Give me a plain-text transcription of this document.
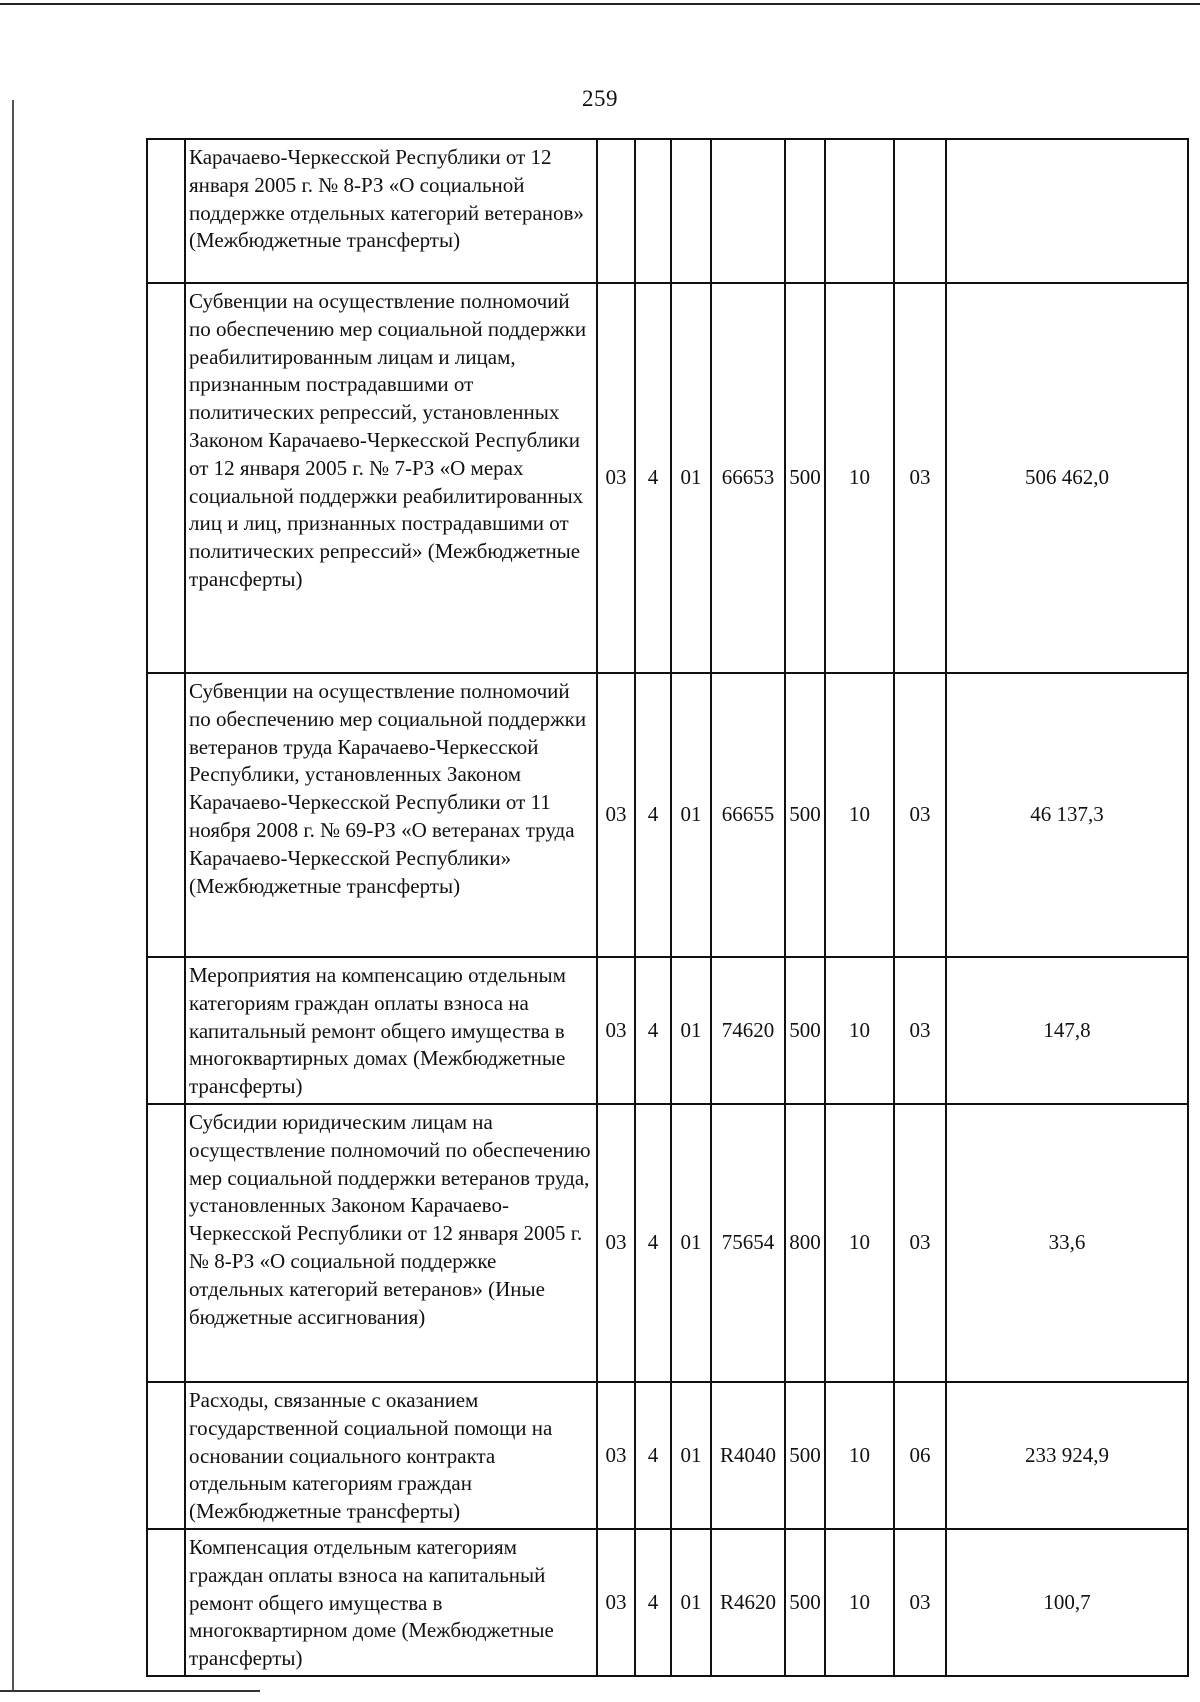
259
	Карачаево-Черкесской Республики от 12 января 2005 г. № 8-РЗ «О социальной поддержке отдельных категорий ветеранов» (Межбюджетные трансферты)								
	Субвенции на осуществление полномочий по обеспечению мер социальной поддержки реабилитированным лицам и лицам, признанным пострадавшими от политических репрессий, установленных Законом Карачаево-Черкесской Республики от 12 января 2005 г. № 7-РЗ «О мерах социальной поддержки реабилитированных лиц и лиц, признанных пострадавшими от политических репрессий» (Межбюджетные трансферты)	03	4	01	66653	500	10	03	506 462,0
	Субвенции на осуществление полномочий по обеспечению мер социальной поддержки ветеранов труда Карачаево-Черкесской Республики, установленных Законом Карачаево-Черкесской Республики от 11 ноября 2008 г. № 69-РЗ «О ветеранах труда Карачаево-Черкесской Республики» (Межбюджетные трансферты)	03	4	01	66655	500	10	03	46 137,3
	Мероприятия на компенсацию отдельным категориям граждан оплаты взноса на капитальный ремонт общего имущества в многоквартирных домах (Межбюджетные трансферты)	03	4	01	74620	500	10	03	147,8
	Субсидии юридическим лицам на осуществление полномочий по обеспечению мер социальной поддержки ветеранов труда, установленных Законом Карачаево-Черкесской Республики от 12 января 2005 г. № 8-РЗ «О социальной поддержке отдельных категорий ветеранов» (Иные бюджетные ассигнования)	03	4	01	75654	800	10	03	33,6
	Расходы, связанные с оказанием государственной социальной помощи на основании социального контракта отдельным категориям граждан (Межбюджетные трансферты)	03	4	01	R4040	500	10	06	233 924,9
	Компенсация отдельным категориям граждан оплаты взноса на капитальный ремонт общего имущества в многоквартирном доме (Межбюджетные трансферты)	03	4	01	R4620	500	10	03	100,7
